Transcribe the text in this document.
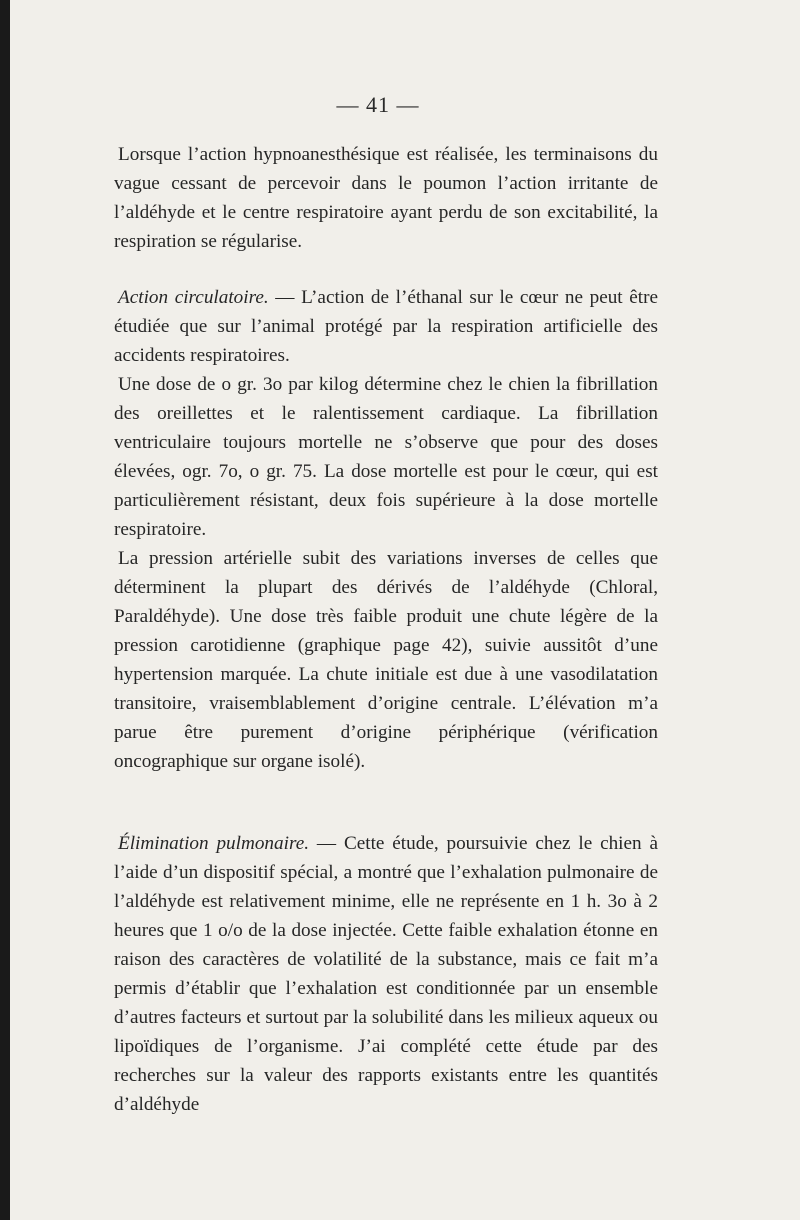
— 41 —

Lorsque l’action hypnoanesthésique est réalisée, les terminaisons du vague cessant de percevoir dans le poumon l’action irritante de l’aldéhyde et le centre respiratoire ayant perdu de son excitabilité, la respiration se régularise.

Action circulatoire. — L’action de l’éthanal sur le cœur ne peut être étudiée que sur l’animal protégé par la respiration artificielle des accidents respiratoires.

Une dose de o gr. 3o par kilog détermine chez le chien la fibrillation des oreillettes et le ralentissement cardiaque. La fibrillation ventriculaire toujours mortelle ne s’observe que pour des doses élevées, ogr. 7o, o gr. 75. La dose mortelle est pour le cœur, qui est particulièrement résistant, deux fois supérieure à la dose mortelle respiratoire.

La pression artérielle subit des variations inverses de celles que déterminent la plupart des dérivés de l’aldéhyde (Chloral, Paraldéhyde). Une dose très faible produit une chute légère de la pression carotidienne (graphique page 42), suivie aussitôt d’une hypertension marquée. La chute initiale est due à une vasodilatation transitoire, vraisemblablement d’origine centrale. L’élévation m’a parue être purement d’origine périphérique (vérification oncographique sur organe isolé).

Élimination pulmonaire. — Cette étude, poursuivie chez le chien à l’aide d’un dispositif spécial, a montré que l’exhalation pulmonaire de l’aldéhyde est relativement minime, elle ne représente en 1 h. 3o à 2 heures que 1 o/o de la dose injectée. Cette faible exhalation étonne en raison des caractères de volatilité de la substance, mais ce fait m’a permis d’établir que l’exhalation est conditionnée par un ensemble d’autres facteurs et surtout par la solubilité dans les milieux aqueux ou lipoïdiques de l’organisme. J’ai complété cette étude par des recherches sur la valeur des rapports existants entre les quantités d’aldéhyde
